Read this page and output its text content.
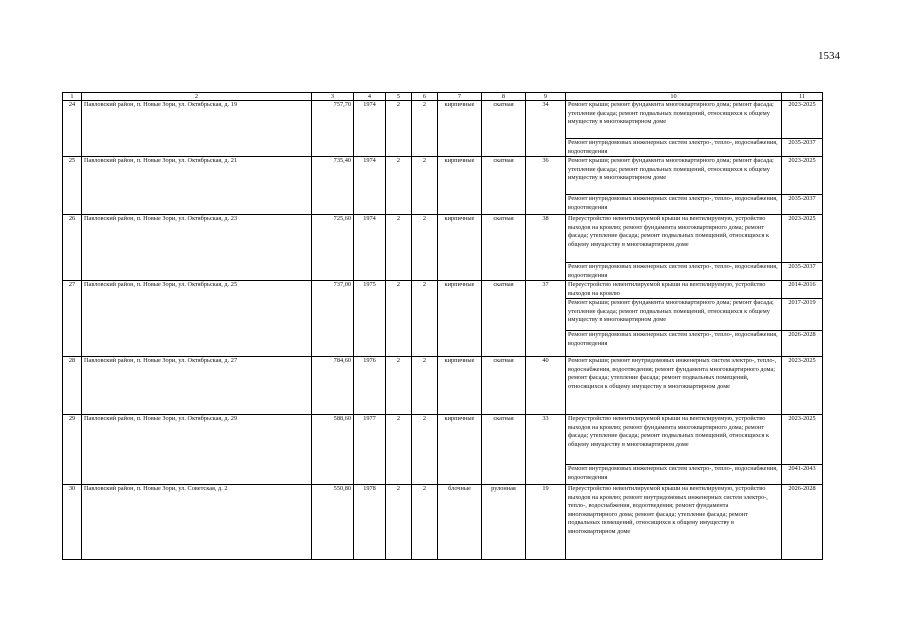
1534
1	2	3	4	5	6	7	8	9	10	11
24	Павловский район, п. Новые Зори, ул. Октябрьская, д. 19	757,70	1974	2	2	кирпичные	скатная	34	Ремонт крыши; ремонт фундамента многоквартирного дома; ремонт фасада; утепление фасада; ремонт подвальных помещений, относящихся к общему имуществу в многоквартирном доме	2023-2025
									Ремонт внутридомовых инженерных систем электро-, тепло-, водоснабжения, водоотведения	2035-2037
25	Павловский район, п. Новые Зори, ул. Октябрьская, д. 21	735,40	1974	2	2	кирпичные	скатная	36	Ремонт крыши; ремонт фундамента многоквартирного дома; ремонт фасада; утепление фасада; ремонт подвальных помещений, относящихся к общему имуществу в многоквартирном доме	2023-2025
									Ремонт внутридомовых инженерных систем электро-, тепло-, водоснабжения, водоотведения	2035-2037
26	Павловский район, п. Новые Зори, ул. Октябрьская, д. 23	725,60	1974	2	2	кирпичные	скатная	38	Переустройство невентилируемой крыши на вентилируемую, устройство выходов на кровлю; ремонт фундамента многоквартирного дома; ремонт фасада; утепление фасада; ремонт подвальных помещений, относящихся к общему имуществу в многоквартирном доме	2023-2025
									Ремонт внутридомовых инженерных систем электро-, тепло-, водоснабжения, водоотведения	2035-2037
27	Павловский район, п. Новые Зори, ул. Октябрьская, д. 25	737,00	1975	2	2	кирпичные	скатная	37	Переустройство невентилируемой крыши на вентилируемую, устройство выходов на кровлю	2014-2016
									Ремонт крыши; ремонт фундамента многоквартирного дома; ремонт фасада; утепление фасада; ремонт подвальных помещений, относящихся к общему имуществу в многоквартирном доме	2017-2019
									Ремонт внутридомовых инженерных систем электро-, тепло-, водоснабжения, водоотведения	2026-2028
28	Павловский район, п. Новые Зори, ул. Октябрьская, д. 27	784,60	1976	2	2	кирпичные	скатная	40	Ремонт крыши; ремонт внутридомовых инженерных систем электро-, тепло-, водоснабжения, водоотведения; ремонт фундамента многоквартирного дома; ремонт фасада; утепление фасада; ремонт подвальных помещений, относящихся к общему имуществу в многоквартирном доме	2023-2025
29	Павловский район, п. Новые Зори, ул. Октябрьская, д. 29	588,60	1977	2	2	кирпичные	скатная	33	Переустройство невентилируемой крыши на вентилируемую, устройство выходов на кровлю; ремонт фундамента многоквартирного дома; ремонт фасада; утепление фасада; ремонт подвальных помещений, относящихся к общему имуществу в многоквартирном доме	2023-2025
									Ремонт внутридомовых инженерных систем электро-, тепло-, водоснабжения, водоотведения	2041-2043
30	Павловский район, п. Новые Зори, ул. Советская, д. 2	550,80	1978	2	2	блочные	рулонная	19	Переустройство невентилируемой крыши на вентилируемую, устройство выходов на кровлю; ремонт внутридомовых инженерных систем электро-, тепло-, водоснабжения, водоотведения; ремонт фундамента многоквартирного дома; ремонт фасада; утепление фасада; ремонт подвальных помещений, относящихся к общему имуществу в многоквартирном доме	2026-2028
